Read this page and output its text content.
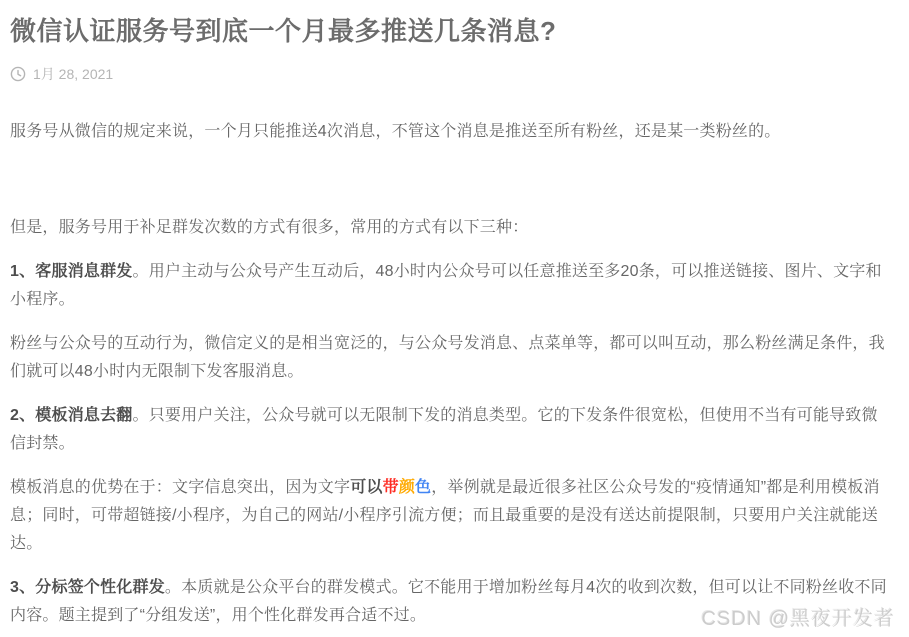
微信认证服务号到底一个月最多推送几条消息?
1月 28, 2021

服务号从微信的规定来说，一个月只能推送4次消息，不管这个消息是推送至所有粉丝，还是某一类粉丝的。

但是，服务号用于补足群发次数的方式有很多，常用的方式有以下三种：

1、客服消息群发。用户主动与公众号产生互动后，48小时内公众号可以任意推送至多20条，可以推送链接、图片、文字和小程序。

粉丝与公众号的互动行为，微信定义的是相当宽泛的，与公众号发消息、点菜单等，都可以叫互动，那么粉丝满足条件，我们就可以48小时内无限制下发客服消息。

2、模板消息去翻。只要用户关注，公众号就可以无限制下发的消息类型。它的下发条件很宽松，但使用不当有可能导致微信封禁。

模板消息的优势在于：文字信息突出，因为文字可以带颜色，举例就是最近很多社区公众号发的“疫情通知”都是利用模板消息；同时，可带超链接/小程序，为自己的网站/小程序引流方便；而且最重要的是没有送达前提限制，只要用户关注就能送达。

3、分标签个性化群发。本质就是公众平台的群发模式。它不能用于增加粉丝每月4次的收到次数，但可以让不同粉丝收不同内容。题主提到了“分组发送”，用个性化群发再合适不过。	CSDN @黑夜开发者
